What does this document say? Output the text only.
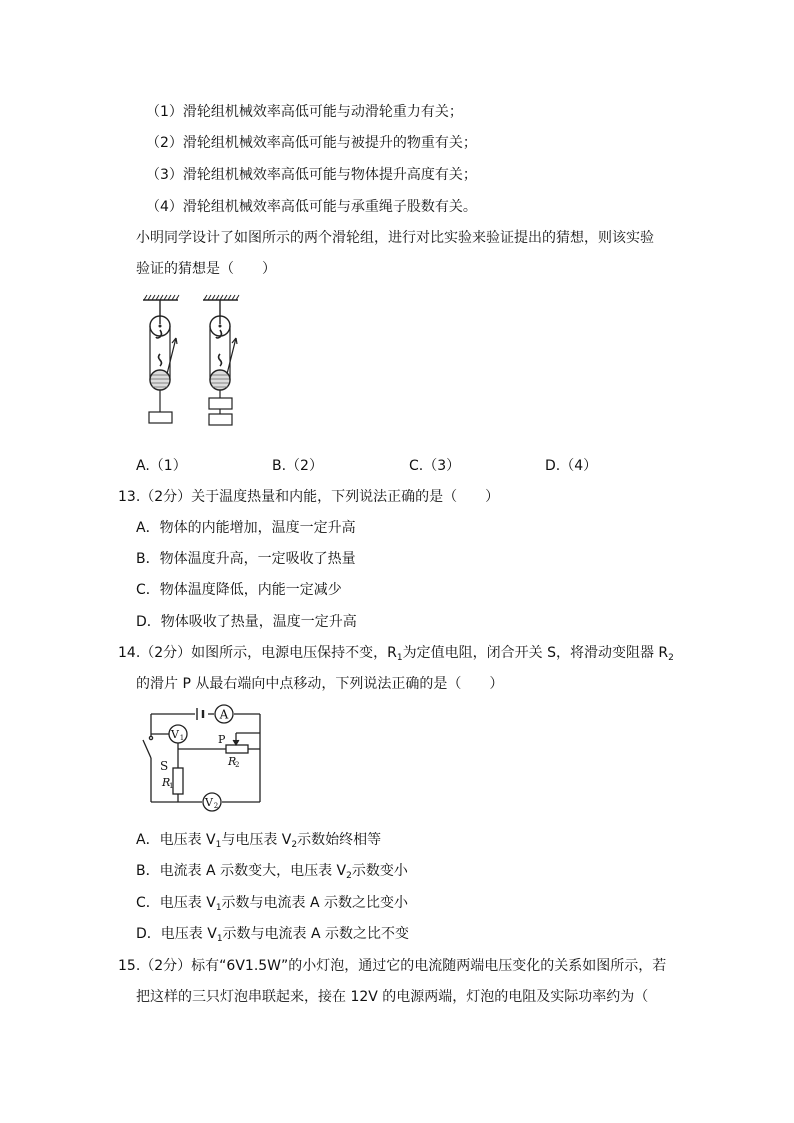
（1）滑轮组机械效率高低可能与动滑轮重力有关；
（2）滑轮组机械效率高低可能与被提升的物重有关；
（3）滑轮组机械效率高低可能与物体提升高度有关；
（4）滑轮组机械效率高低可能与承重绳子股数有关。
小明同学设计了如图所示的两个滑轮组，进行对比实验来验证提出的猜想，则该实验
验证的猜想是（　　）
A.（1）	B.（2）	C.（3）	D.（4）
13.（2分）关于温度热量和内能，下列说法正确的是（　　）
A．物体的内能增加，温度一定升高
B．物体温度升高，一定吸收了热量
C．物体温度降低，内能一定减少
D．物体吸收了热量，温度一定升高
14.（2分）如图所示，电源电压保持不变，$R_1$为定值电阻，闭合开关 S，将滑动变阻器 $R_2$
的滑片 P 从最右端向中点移动，下列说法正确的是（　　）
A
S
V 1
R
1
P
R
2
V 2
A．电压表 $V_1$与电压表 $V_2$示数始终相等
B．电流表 A 示数变大，电压表 $V_2$示数变小
C．电压表 $V_1$示数与电流表 A 示数之比变小
D．电压表 $V_1$示数与电流表 A 示数之比不变
15.（2分）标有“6V1.5W”的小灯泡，通过它的电流随两端电压变化的关系如图所示，若
把这样的三只灯泡串联起来，接在 12V 的电源两端，灯泡的电阻及实际功率约为（
